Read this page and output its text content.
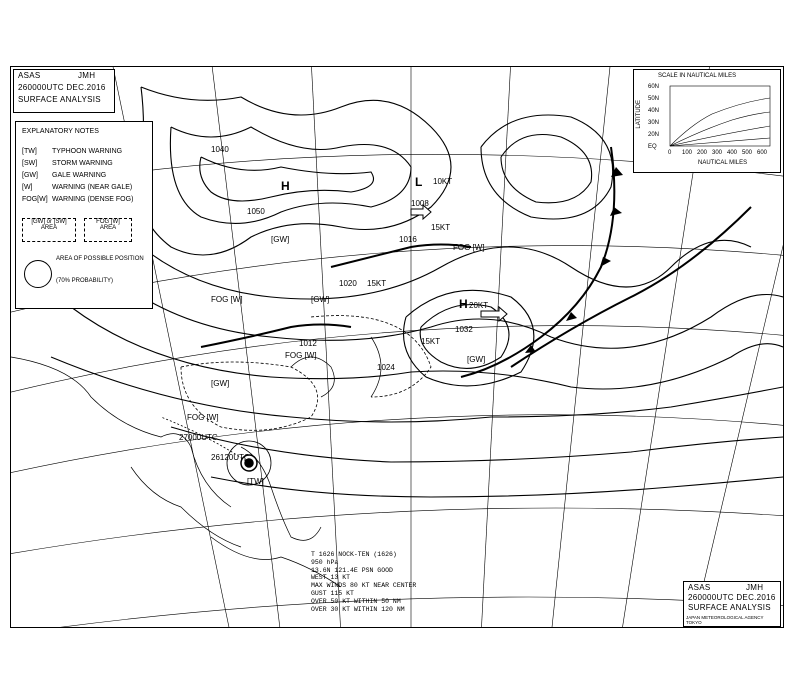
ASAS	JMH
260000UTC DEC.2016
SURFACE ANALYSIS
EXPLANATORY NOTES
[TW] TYPHOON WARNING
[SW] STORM WARNING
[GW] GALE WARNING
[W]	WARNING (NEAR GALE)
FOG[W] WARNING (DENSE FOG)
[GW] or [SW]
AREA
FOG [W]
AREA
AREA OF POSSIBLE POSITION
(70% PROBABILITY)
SCALE IN NAUTICAL MILES
LATITUDE
60N
50N
40N
30N
20N
EQ
0 100 200 300 400 500 600
NAUTICAL MILES
H
1050
1040
L
1008
10KT
1016
15KT
1020 15KT
1012	15KT
H
1032
20KT
1024
[GW]
[GW]
[GW]
[GW]
FOG [W]
FOG [W]
FOG [W]
FOG [W]
[TW]
27000UTC
26120UTC
T 1626 NOCK-TEN (1626)
950 hPa
13.6N 121.4E PSN GOOD
WEST 13 KT
MAX WINDS 80 KT NEAR CENTER
GUST 115 KT
OVER 50 KT WITHIN 50 NM
OVER 30 KT WITHIN 120 NM
ASAS	JMH
260000UTC DEC.2016
SURFACE ANALYSIS
JAPAN METEOROLOGICAL AGENCY TOKYO
